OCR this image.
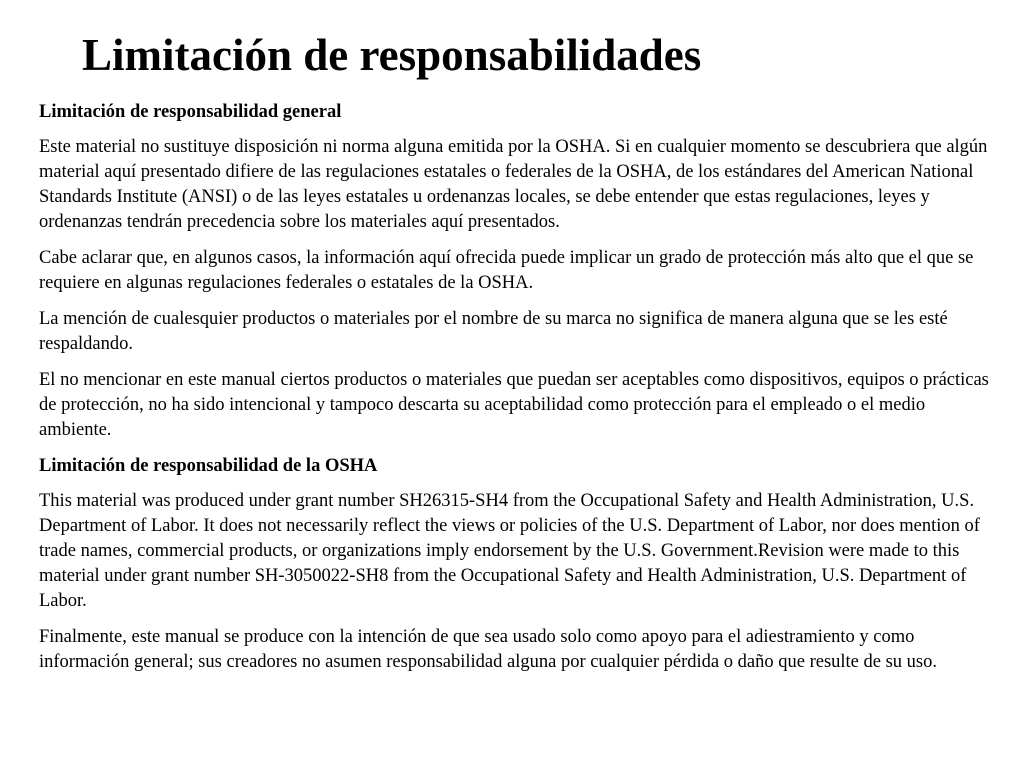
Limitación de responsabilidades

Limitación de responsabilidad general

Este material no sustituye disposición ni norma alguna emitida por la OSHA. Si en cualquier momento se descubriera que algún material aquí presentado difiere de las regulaciones estatales o federales de la OSHA, de los estándares del American National Standards Institute (ANSI) o de las leyes estatales u ordenanzas locales, se debe entender que estas regulaciones, leyes y ordenanzas tendrán precedencia sobre los materiales aquí presentados.

Cabe aclarar que, en algunos casos, la información aquí ofrecida puede implicar un grado de protección más alto que el que se requiere en algunas regulaciones federales o estatales de la OSHA.

La mención de cualesquier productos o materiales por el nombre de su marca no significa de manera alguna que se les esté respaldando.

El no mencionar en este manual ciertos productos o materiales que puedan ser aceptables como dispositivos, equipos o prácticas de protección, no ha sido intencional y tampoco descarta su aceptabilidad como protección para el empleado o el medio ambiente.

Limitación de responsabilidad de la OSHA

This material was produced under grant number SH26315-SH4 from the Occupational Safety and Health Administration, U.S. Department of Labor. It does not necessarily reflect the views or policies of the U.S. Department of Labor, nor does mention of trade names, commercial products, or organizations imply endorsement by the U.S. Government.Revision were made to this material under grant number SH-3050022-SH8 from the Occupational Safety and Health Administration, U.S. Department of Labor.

Finalmente, este manual se produce con la intención de que sea usado solo como apoyo para el adiestramiento y como información general; sus creadores no asumen responsabilidad alguna por cualquier pérdida o daño que resulte de su uso.
